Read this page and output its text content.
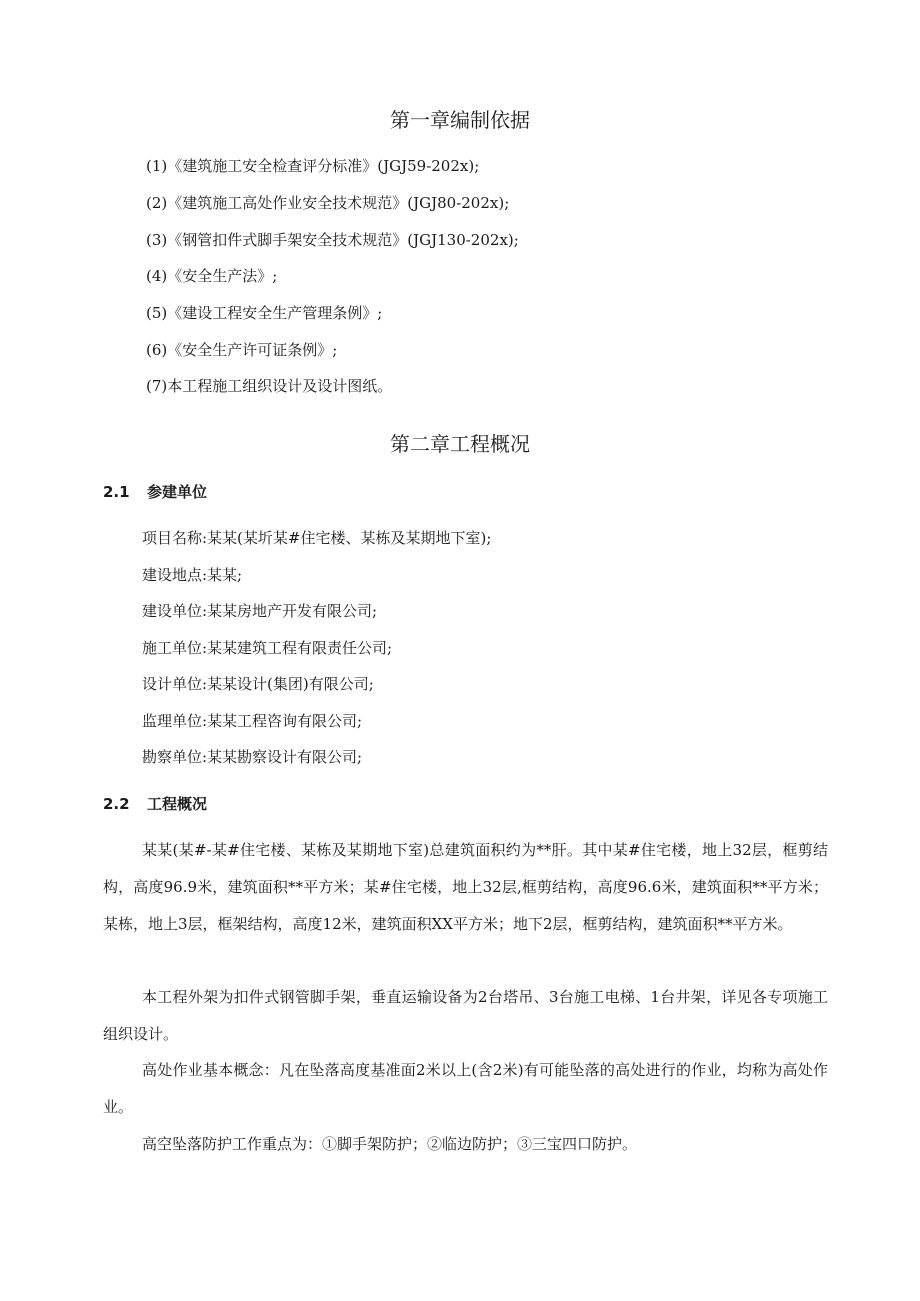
第一章编制依据

(1)《建筑施工安全检查评分标准》(JGJ59-202x);

(2)《建筑施工高处作业安全技术规范》(JGJ80-202x);

(3)《钢管扣件式脚手架安全技术规范》(JGJ130-202x);

(4)《安全生产法》;

(5)《建设工程安全生产管理条例》;

(6)《安全生产许可证条例》;

(7)本工程施工组织设计及设计图纸。

第二章工程概况
2.1 参建单位

项目名称:某某(某圻某#住宅楼、某栋及某期地下室);

建设地点:某某;

建设单位:某某房地产开发有限公司;

施工单位:某某建筑工程有限责任公司;

设计单位:某某设计(集团)有限公司;

监理单位:某某工程咨询有限公司;

勘察单位:某某勘察设计有限公司;

2.2 工程概况

某某(某#-某#住宅楼、某栋及某期地下室)总建筑面积约为**肝。其中某#住宅楼，地上32层，框剪结构，高度96.9米，建筑面积**平方米；某#住宅楼，地上32层,框剪结构，高度96.6米，建筑面积**平方米；某栋，地上3层，框架结构，高度12米，建筑面积XX平方米；地下2层，框剪结构，建筑面积**平方米。

本工程外架为扣件式钢管脚手架，垂直运输设备为2台塔吊、3台施工电梯、1台井架，详见各专项施工组织设计。

高处作业基本概念：凡在坠落高度基准面2米以上(含2米)有可能坠落的高处进行的作业，均称为高处作业。

高空坠落防护工作重点为：①脚手架防护；②临边防护；③三宝四口防护。
